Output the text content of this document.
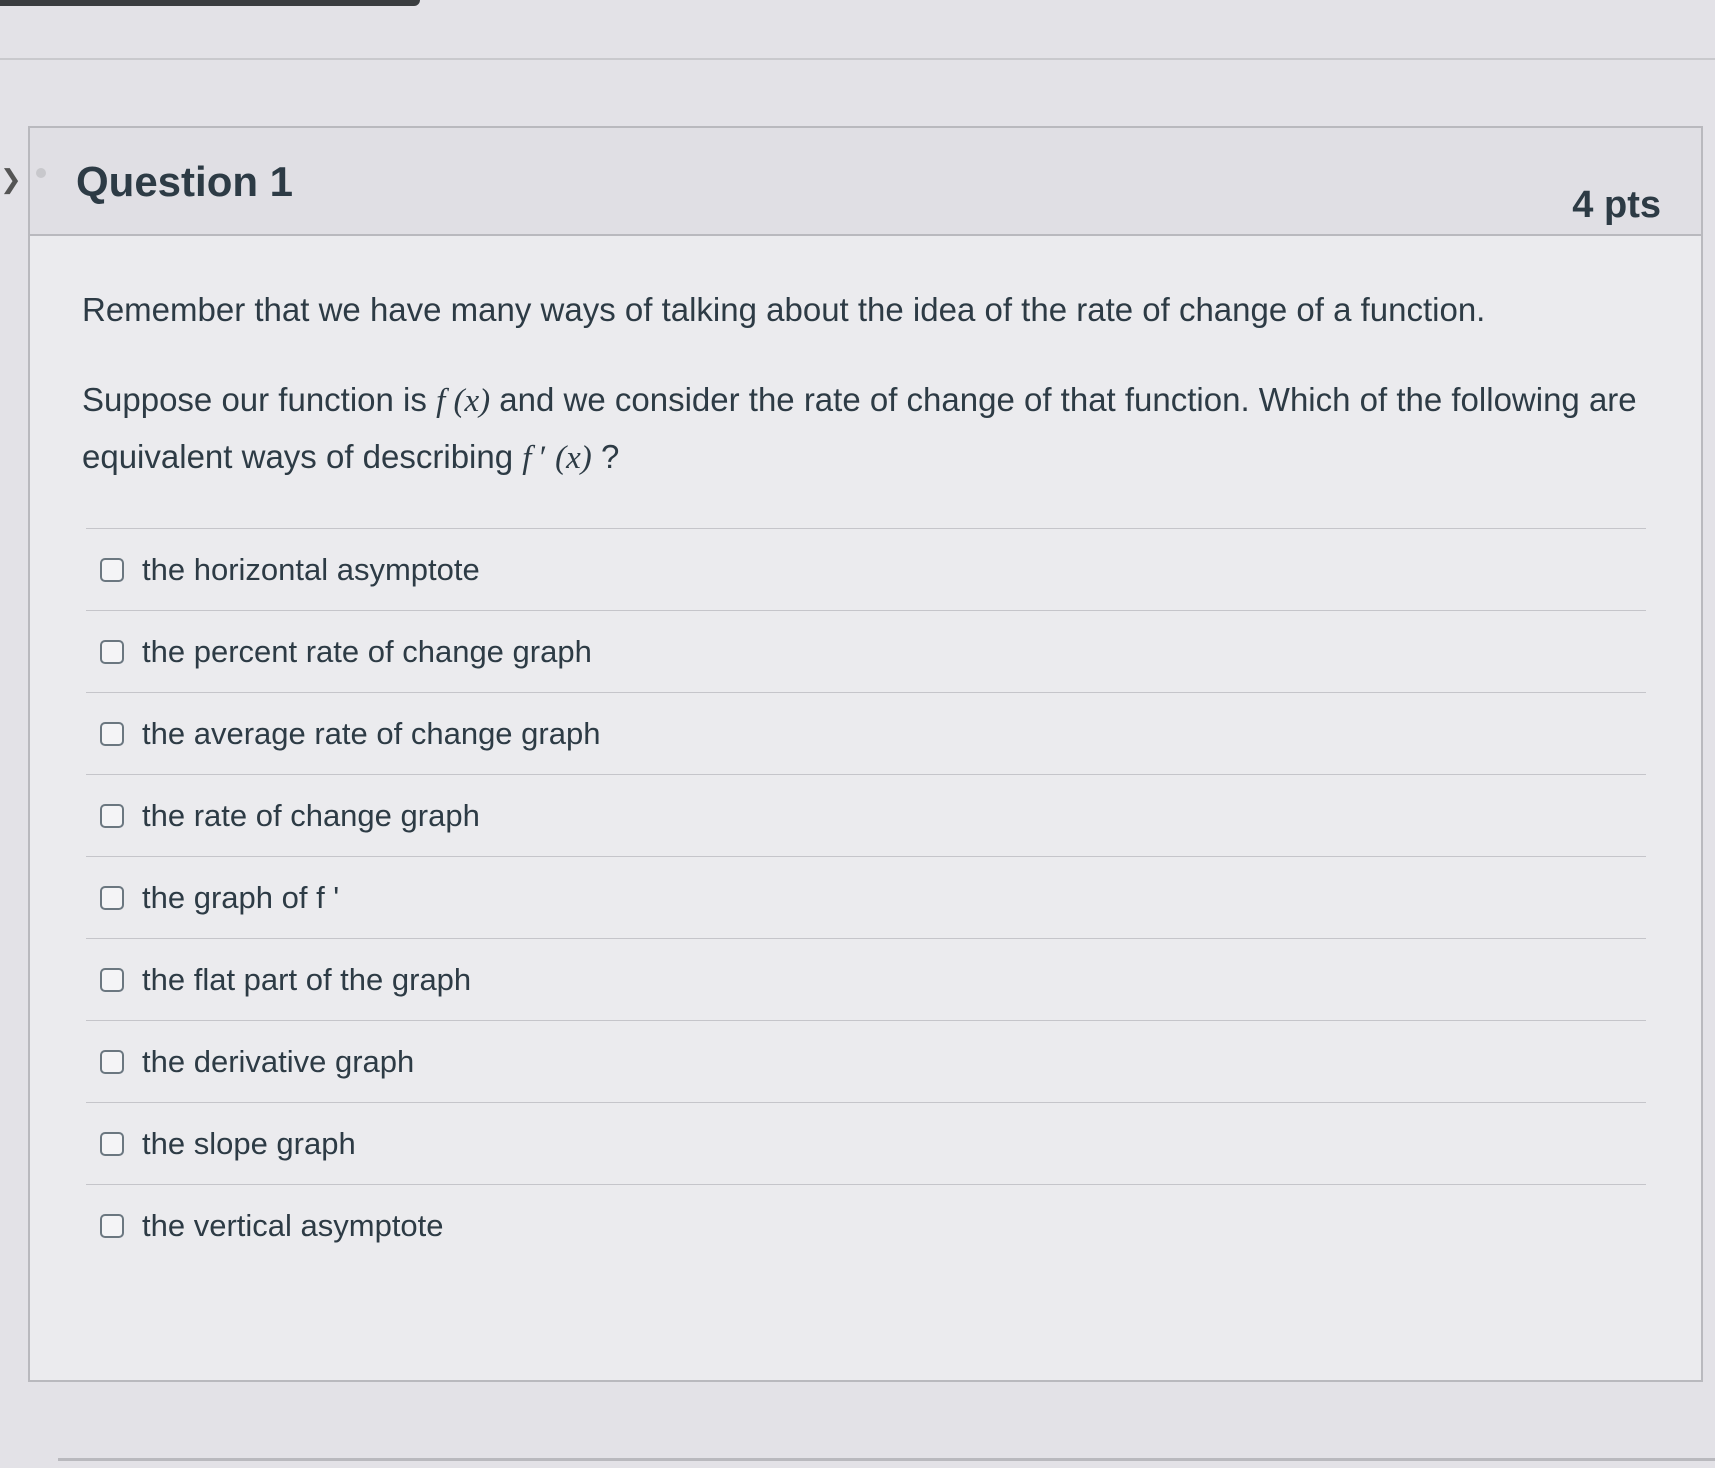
❯ Question 1	4 pts

Remember that we have many ways of talking about the idea of the rate of change of a function.

Suppose our function is f (x) and we consider the rate of change of that function. Which of the following are equivalent ways of describing f ′ (x) ?

the horizontal asymptote
the percent rate of change graph
the average rate of change graph
the rate of change graph
the graph of f '
the flat part of the graph
the derivative graph
the slope graph
the vertical asymptote
